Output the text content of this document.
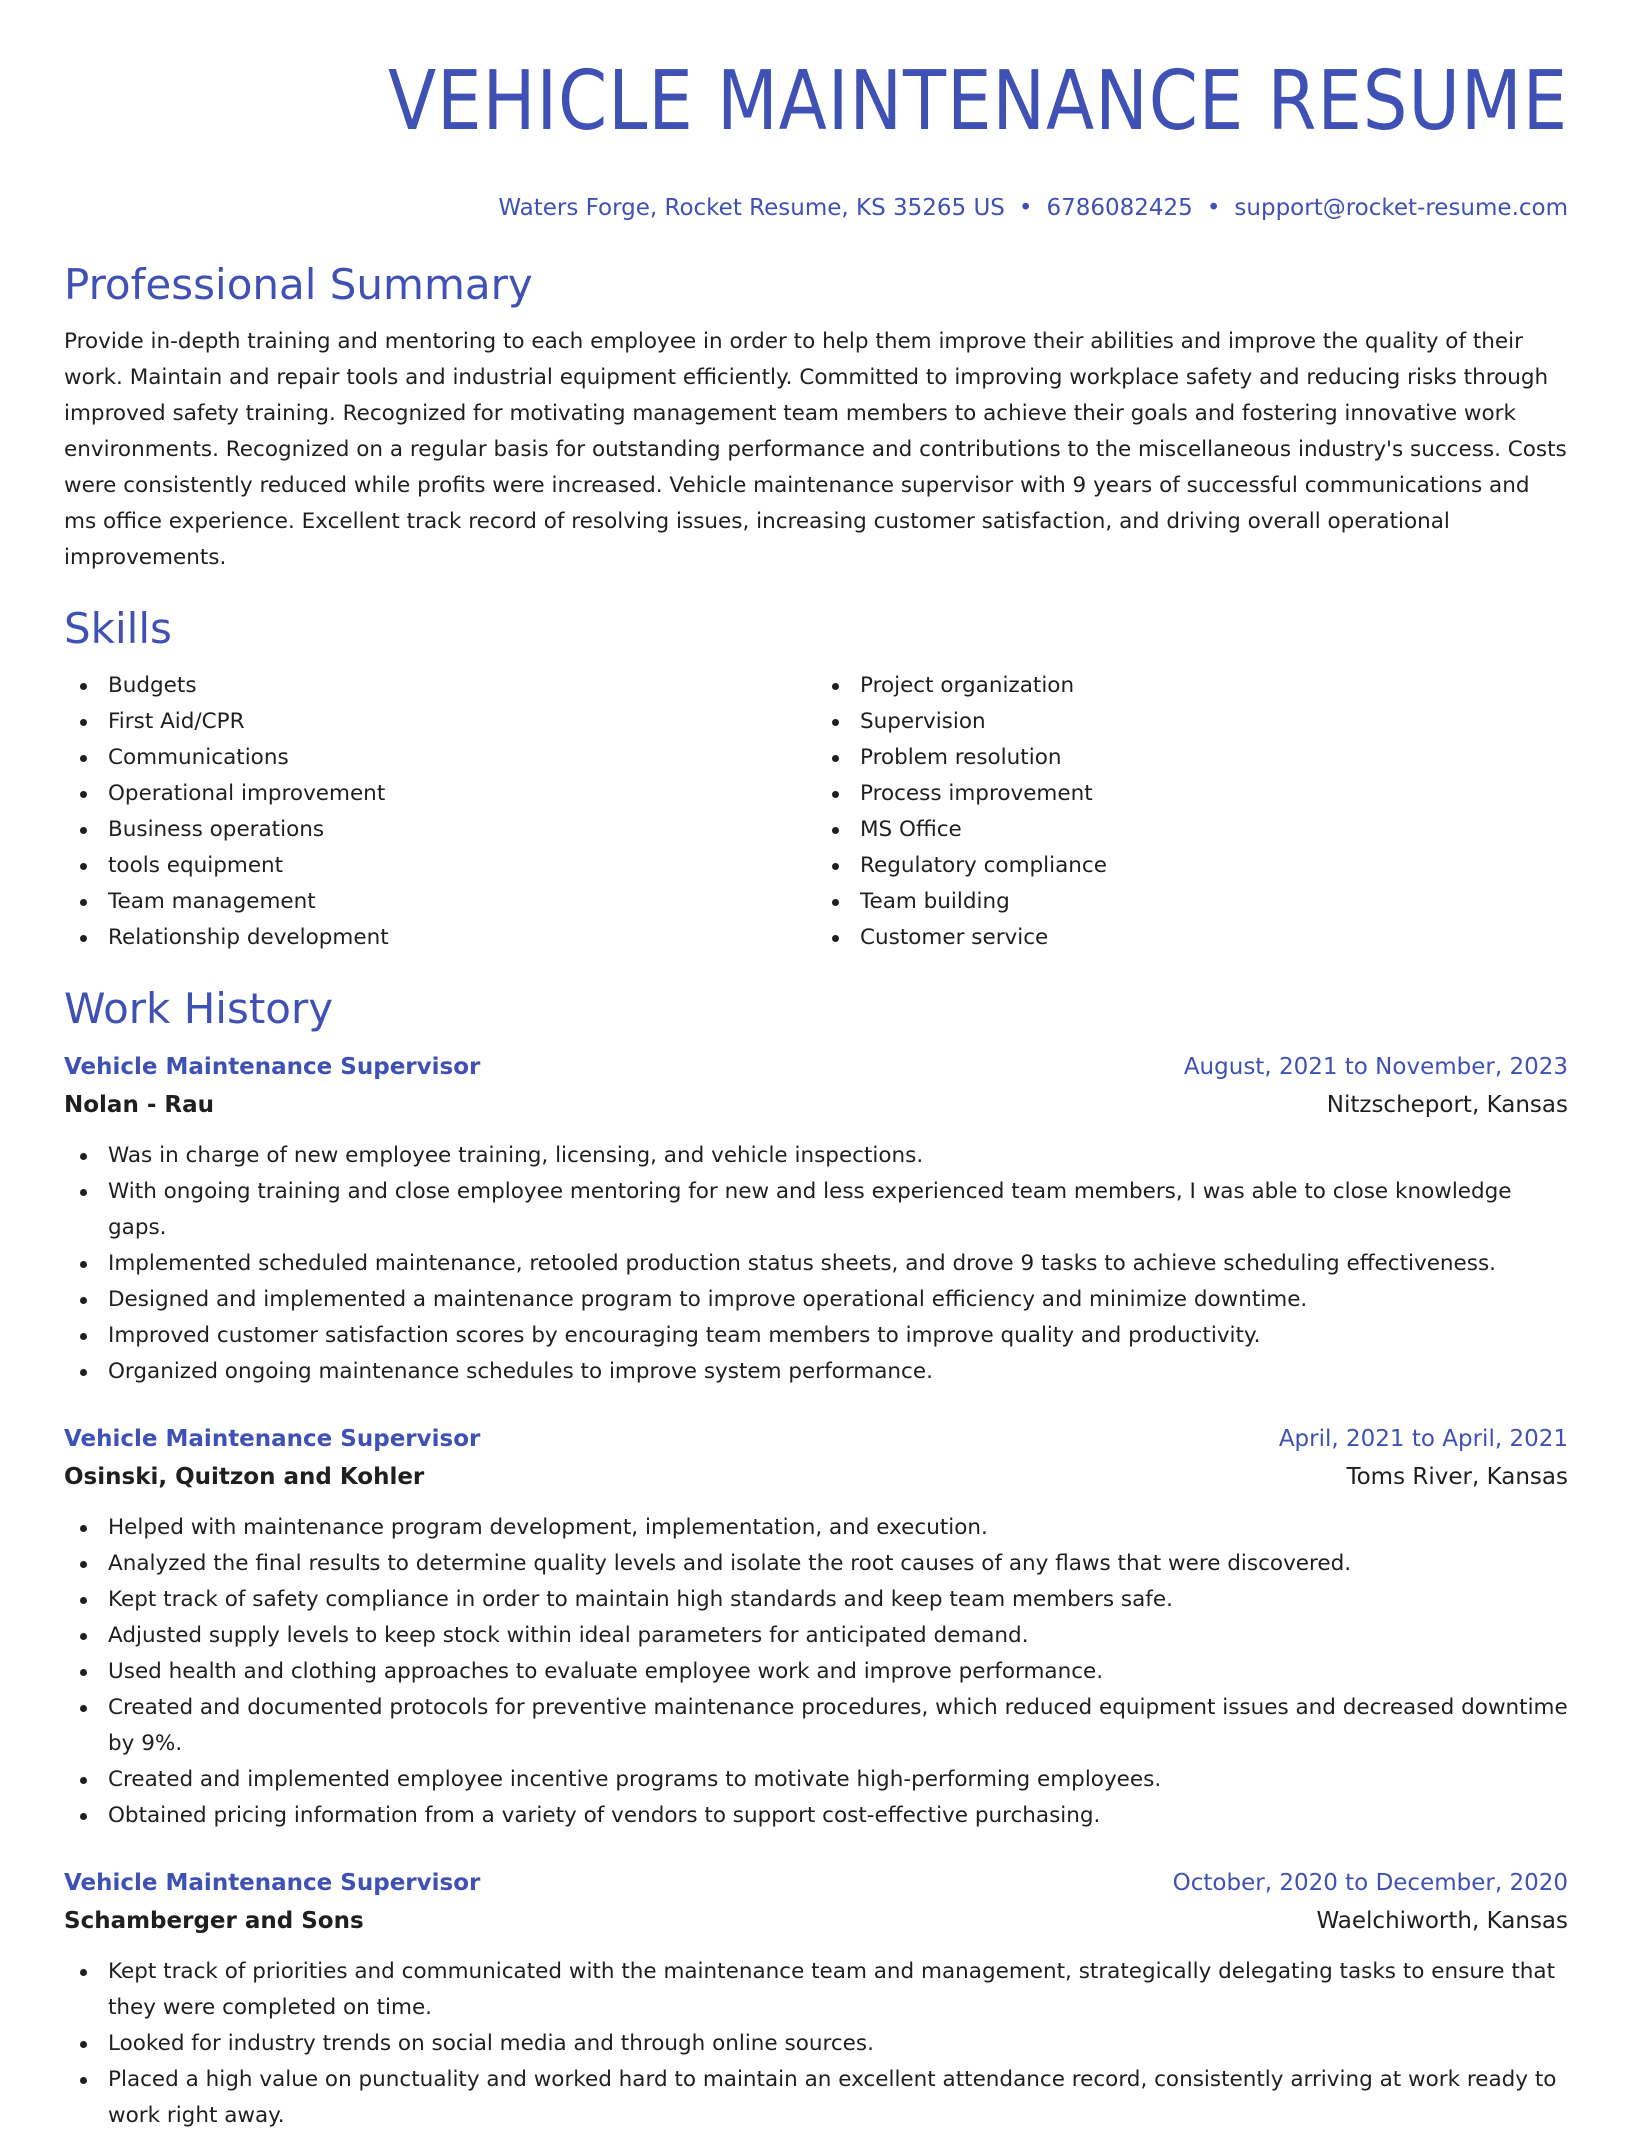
VEHICLE MAINTENANCE RESUME
Waters Forge, Rocket Resume, KS 35265 US • 6786082425 • support@rocket-resume.com
Professional Summary

Provide in-depth training and mentoring to each employee in order to help them improve their abilities and improve the quality of their work. Maintain and repair tools and industrial equipment efficiently. Committed to improving workplace safety and reducing risks through improved safety training. Recognized for motivating management team members to achieve their goals and fostering innovative work environments. Recognized on a regular basis for outstanding performance and contributions to the miscellaneous industry's success. Costs were consistently reduced while profits were increased. Vehicle maintenance supervisor with 9 years of successful communications and ms office experience. Excellent track record of resolving issues, increasing customer satisfaction, and driving overall operational improvements.

Skills
Budgets
First Aid/CPR
Communications
Operational improvement
Business operations
tools equipment
Team management
Relationship development
Project organization
Supervision
Problem resolution
Process improvement
MS Office
Regulatory compliance
Team building
Customer service
Work History
Vehicle Maintenance Supervisor	August, 2021 to November, 2023
Nolan - Rau	Nitzscheport, Kansas
Was in charge of new employee training, licensing, and vehicle inspections.
With ongoing training and close employee mentoring for new and less experienced team members, I was able to close knowledge gaps.
Implemented scheduled maintenance, retooled production status sheets, and drove 9 tasks to achieve scheduling effectiveness.
Designed and implemented a maintenance program to improve operational efficiency and minimize downtime.
Improved customer satisfaction scores by encouraging team members to improve quality and productivity.
Organized ongoing maintenance schedules to improve system performance.
Vehicle Maintenance Supervisor	April, 2021 to April, 2021
Osinski, Quitzon and Kohler	Toms River, Kansas
Helped with maintenance program development, implementation, and execution.
Analyzed the final results to determine quality levels and isolate the root causes of any flaws that were discovered.
Kept track of safety compliance in order to maintain high standards and keep team members safe.
Adjusted supply levels to keep stock within ideal parameters for anticipated demand.
Used health and clothing approaches to evaluate employee work and improve performance.
Created and documented protocols for preventive maintenance procedures, which reduced equipment issues and decreased downtime by 9%.
Created and implemented employee incentive programs to motivate high-performing employees.
Obtained pricing information from a variety of vendors to support cost-effective purchasing.
Vehicle Maintenance Supervisor	October, 2020 to December, 2020
Schamberger and Sons	Waelchiworth, Kansas
Kept track of priorities and communicated with the maintenance team and management, strategically delegating tasks to ensure that they were completed on time.
Looked for industry trends on social media and through online sources.
Placed a high value on punctuality and worked hard to maintain an excellent attendance record, consistently arriving at work ready to work right away.
